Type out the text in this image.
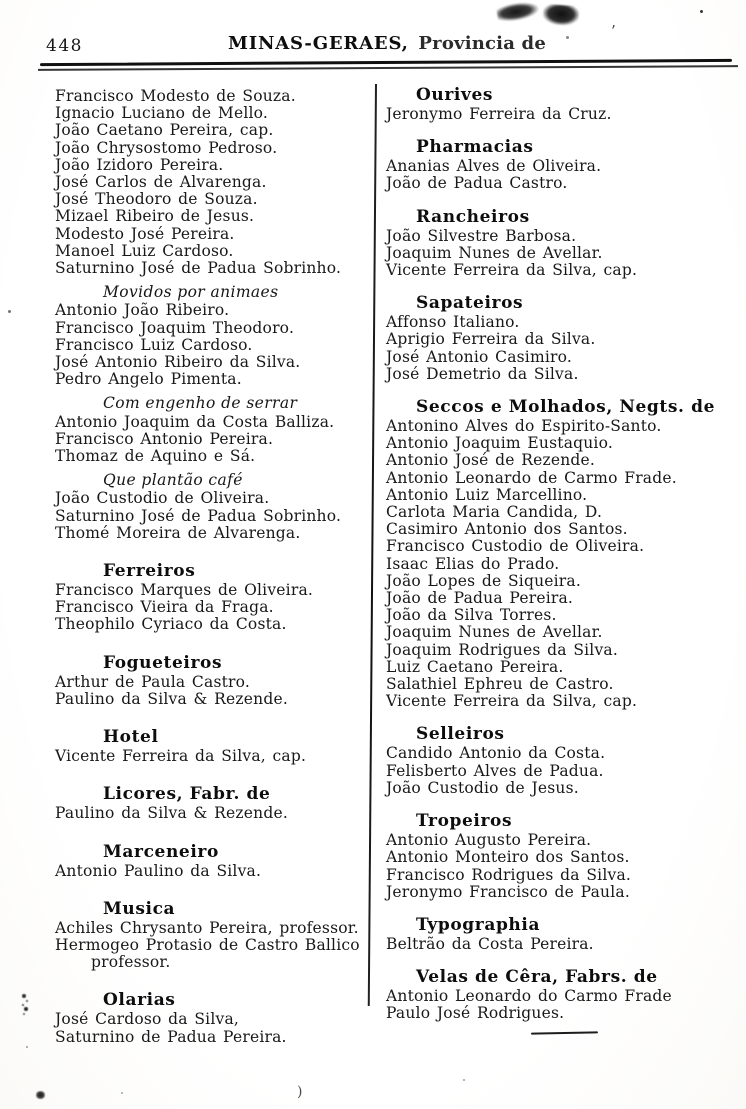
’
448	MINAS-GERAES, Provincia de
Francisco Modesto de Souza.
Ignacio Luciano de Mello.
João Caetano Pereira, cap.
João Chrysostomo Pedroso.
João Izidoro Pereira.
José Carlos de Alvarenga.
José Theodoro de Souza.
Mizael Ribeiro de Jesus.
Modesto José Pereira.
Manoel Luiz Cardoso.
Saturnino José de Padua Sobrinho.
Movidos por animaes
Antonio João Ribeiro.
Francisco Joaquim Theodoro.
Francisco Luiz Cardoso.
José Antonio Ribeiro da Silva.
Pedro Angelo Pimenta.
Com engenho de serrar
Antonio Joaquim da Costa Balliza.
Francisco Antonio Pereira.
Thomaz de Aquino e Sá.
Que plantão café
João Custodio de Oliveira.
Saturnino José de Padua Sobrinho.
Thomé Moreira de Alvarenga.
Ferreiros
Francisco Marques de Oliveira.
Francisco Vieira da Fraga.
Theophilo Cyriaco da Costa.
Fogueteiros
Arthur de Paula Castro.
Paulino da Silva & Rezende.
Hotel
Vicente Ferreira da Silva, cap.
Licores, Fabr. de
Paulino da Silva & Rezende.
Marceneiro
Antonio Paulino da Silva.
Musica
Achiles Chrysanto Pereira, professor.
Hermogeo Protasio de Castro Ballico professor.
Olarias
José Cardoso da Silva,
Saturnino de Padua Pereira.
Ourives
Jeronymo Ferreira da Cruz.
Pharmacias
Ananias Alves de Oliveira.
João de Padua Castro.
Rancheiros
João Silvestre Barbosa.
Joaquim Nunes de Avellar.
Vicente Ferreira da Silva, cap.
Sapateiros
Affonso Italiano.
Aprigio Ferreira da Silva.
José Antonio Casimiro.
José Demetrio da Silva.
Seccos e Molhados, Negts. de
Antonino Alves do Espirito-Santo.
Antonio Joaquim Eustaquio.
Antonio José de Rezende.
Antonio Leonardo de Carmo Frade.
Antonio Luiz Marcellino.
Carlota Maria Candida, D.
Casimiro Antonio dos Santos.
Francisco Custodio de Oliveira.
Isaac Elias do Prado.
João Lopes de Siqueira.
João de Padua Pereira.
João da Silva Torres.
Joaquim Nunes de Avellar.
Joaquim Rodrigues da Silva.
Luiz Caetano Pereira.
Salathiel Ephreu de Castro.
Vicente Ferreira da Silva, cap.
Selleiros
Candido Antonio da Costa.
Felisberto Alves de Padua.
João Custodio de Jesus.
Tropeiros
Antonio Augusto Pereira.
Antonio Monteiro dos Santos.
Francisco Rodrigues da Silva.
Jeronymo Francisco de Paula.
Typographia
Beltrão da Costa Pereira.
Velas de Cêra, Fabrs. de
Antonio Leonardo do Carmo Frade
Paulo José Rodrigues.
)
